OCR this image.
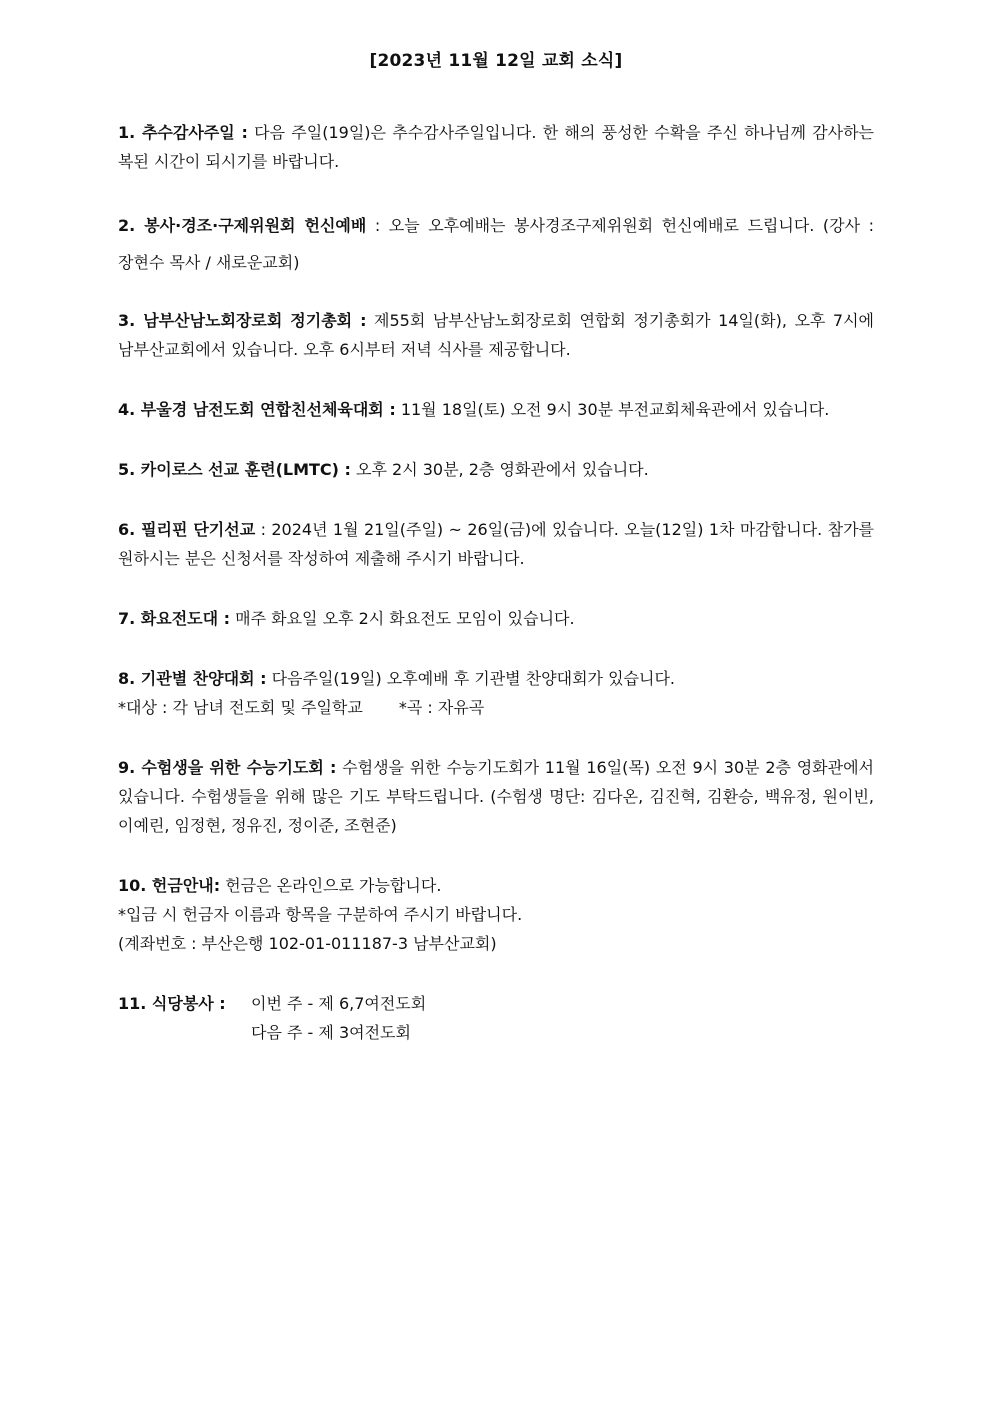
[2023년 11월 12일 교회 소식]

1. 추수감사주일 : 다음 주일(19일)은 추수감사주일입니다. 한 해의 풍성한 수확을 주신 하나님께 감사하는 복된 시간이 되시기를 바랍니다.

2. 봉사·경조·구제위원회 헌신예배 : 오늘 오후예배는 봉사경조구제위원회 헌신예배로 드립니다. (강사 : 장현수 목사 / 새로운교회)

3. 남부산남노회장로회 정기총회 : 제55회 남부산남노회장로회 연합회 정기총회가 14일(화), 오후 7시에 남부산교회에서 있습니다. 오후 6시부터 저녁 식사를 제공합니다.

4. 부울경 남전도회 연합친선체육대회 : 11월 18일(토) 오전 9시 30분 부전교회체육관에서 있습니다.

5. 카이로스 선교 훈련(LMTC) : 오후 2시 30분, 2층 영화관에서 있습니다.

6. 필리핀 단기선교 : 2024년 1월 21일(주일) ~ 26일(금)에 있습니다. 오늘(12일) 1차 마감합니다. 참가를 원하시는 분은 신청서를 작성하여 제출해 주시기 바랍니다.

7. 화요전도대 : 매주 화요일 오후 2시 화요전도 모임이 있습니다.

8. 기관별 찬양대회 : 다음주일(19일) 오후예배 후 기관별 찬양대회가 있습니다.
*대상 : 각 남녀 전도회 및 주일학교 *곡 : 자유곡

9. 수험생을 위한 수능기도회 : 수험생을 위한 수능기도회가 11월 16일(목) 오전 9시 30분 2층 영화관에서 있습니다. 수험생들을 위해 많은 기도 부탁드립니다. (수험생 명단: 김다온, 김진혁, 김환승, 백유정, 원이빈, 이예린, 임정현, 정유진, 정이준, 조현준)

10. 헌금안내: 헌금은 온라인으로 가능합니다.
*입금 시 헌금자 이름과 항목을 구분하여 주시기 바랍니다.
(계좌번호 : 부산은행 102-01-011187-3 남부산교회)
11. 식당봉사 :	이번 주 - 제 6,7여전도회
다음 주 - 제 3여전도회
